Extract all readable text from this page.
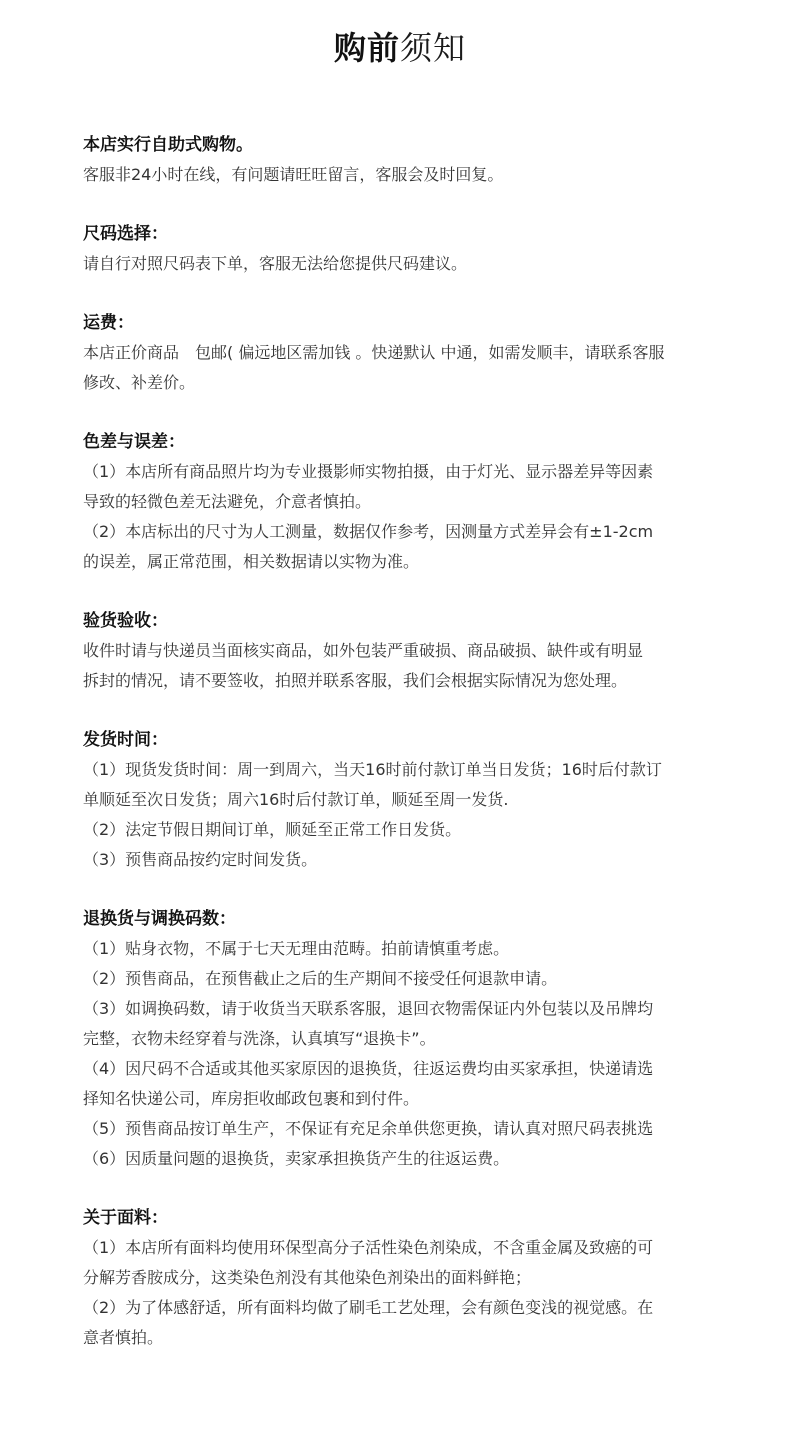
购前须知
本店实行自助式购物。
客服非24小时在线，有问题请旺旺留言，客服会及时回复。
尺码选择：
请自行对照尺码表下单，客服无法给您提供尺码建议。
运费：
本店正价商品　包邮( 偏远地区需加钱 。快递默认 中通，如需发顺丰，请联系客服
修改、补差价。
色差与误差：
（1）本店所有商品照片均为专业摄影师实物拍摄，由于灯光、显示器差异等因素
导致的轻微色差无法避免，介意者慎拍。
（2）本店标出的尺寸为人工测量，数据仅作参考，因测量方式差异会有±1-2cm
的误差，属正常范围，相关数据请以实物为准。
验货验收：
收件时请与快递员当面核实商品，如外包装严重破损、商品破损、缺件或有明显
拆封的情况，请不要签收，拍照并联系客服，我们会根据实际情况为您处理。
发货时间：
（1）现货发货时间：周一到周六，当天16时前付款订单当日发货；16时后付款订
单顺延至次日发货；周六16时后付款订单，顺延至周一发货.
（2）法定节假日期间订单，顺延至正常工作日发货。
（3）预售商品按约定时间发货。
退换货与调换码数：
（1）贴身衣物，不属于七天无理由范畴。拍前请慎重考虑。
（2）预售商品，在预售截止之后的生产期间不接受任何退款申请。
（3）如调换码数，请于收货当天联系客服，退回衣物需保证内外包装以及吊牌均
完整，衣物未经穿着与洗涤，认真填写“退换卡”。
（4）因尺码不合适或其他买家原因的退换货，往返运费均由买家承担，快递请选
择知名快递公司，库房拒收邮政包裹和到付件。
（5）预售商品按订单生产，不保证有充足余单供您更换，请认真对照尺码表挑选
（6）因质量问题的退换货，卖家承担换货产生的往返运费。
关于面料：
（1）本店所有面料均使用环保型高分子活性染色剂染成，不含重金属及致癌的可
分解芳香胺成分，这类染色剂没有其他染色剂染出的面料鲜艳；
（2）为了体感舒适，所有面料均做了刷毛工艺处理，会有颜色变浅的视觉感。在
意者慎拍。
